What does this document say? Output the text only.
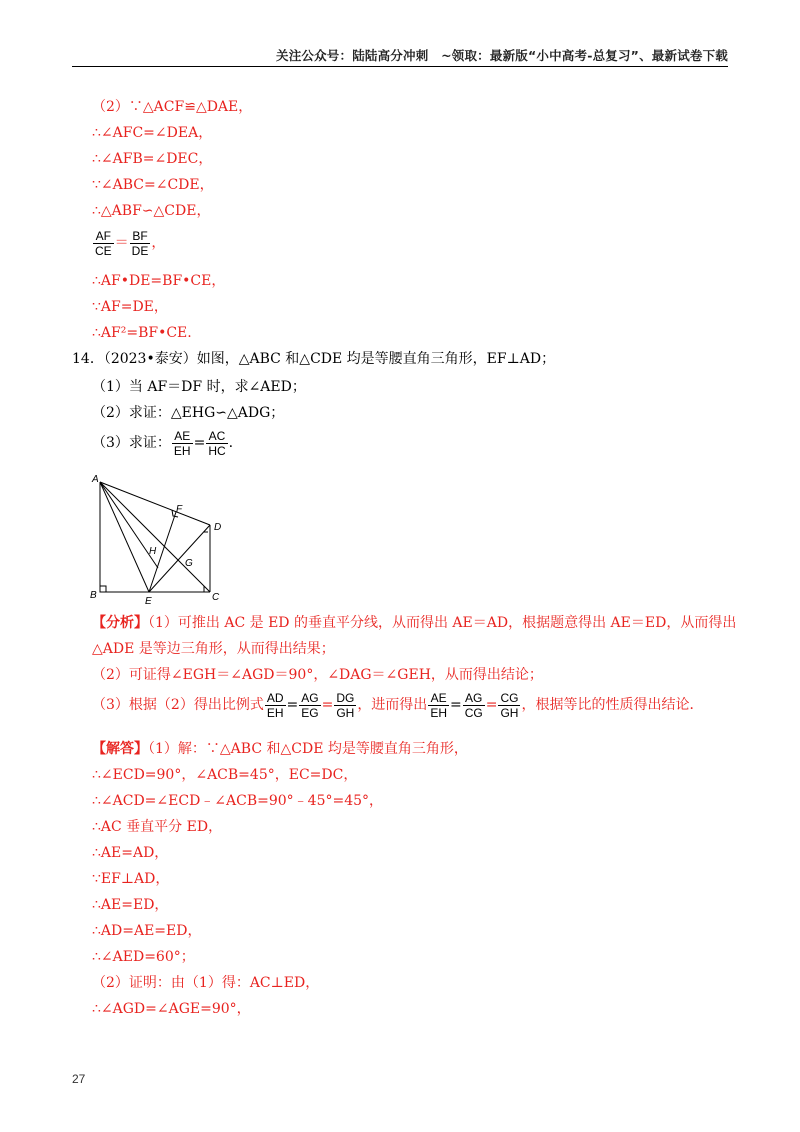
关注公众号：陆陆高分冲刺　~领取：最新版“小中高考-总复习”、最新试卷下载
（2）∵△ACF≌△DAE，
∴∠AFC=∠DEA，
∴∠AFB=∠DEC，
∵∠ABC=∠CDE，
∴△ABF∽△CDE，
$\frac{AF}{CE} = \frac{BF}{DE}$ ，
∴AF•DE=BF•CE，
∵AF=DE，
∴AF²=BF•CE.
14．（2023•泰安）如图，△ABC 和△CDE 均是等腰直角三角形，EF⊥AD；
（1）当 AF＝DF 时，求∠AED；
（2）求证：△EHG∽△ADG；
（3）求证： $\frac{AE}{EH} = \frac{AC}{HC}$ .
A
B	C
D
E
F
G
H
【分析】（1）可推出 AC 是 ED 的垂直平分线，从而得出 AE＝AD，根据题意得出 AE＝ED，从而得出
△ADE 是等边三角形，从而得出结果；
（2）可证得∠EGH＝∠AGD＝90°，∠DAG＝∠GEH，从而得出结论；
（3）根据（2）得出比例式 $\frac{AD}{EH} = \frac{AG}{EG} = \frac{DG}{GH}$ ，进而得出 $\frac{AE}{EH} = \frac{AG}{CG} = \frac{CG}{GH}$ ，根据等比的性质得出结论．
【解答】（1）解：∵△ABC 和△CDE 均是等腰直角三角形，
∴∠ECD=90°，∠ACB=45°，EC=DC，
∴∠ACD=∠ECD﹣∠ACB=90°﹣45°=45°，
∴AC 垂直平分 ED，
∴AE=AD，
∵EF⊥AD，
∴AE=ED，
∴AD=AE=ED，
∴∠AED=60°；
（2）证明：由（1）得：AC⊥ED，
∴∠AGD=∠AGE=90°，
27
